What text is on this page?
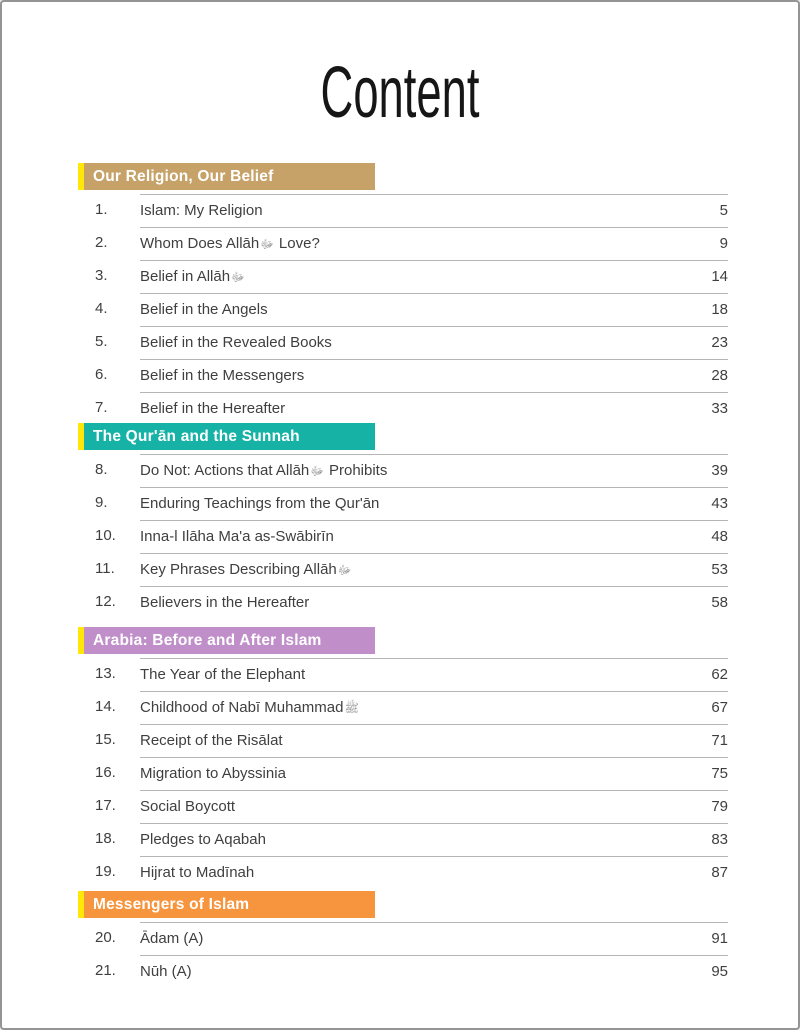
Content
Our Religion, Our Belief
1.	Islam: My Religion	5
2.	Whom Does Allāhﷻ Love?	9
3.	Belief in Allāhﷻ	14
4.	Belief in the Angels	18
5.	Belief in the Revealed Books	23
6.	Belief in the Messengers	28
7.	Belief in the Hereafter	33
The Qur'ān and the Sunnah
8.	Do Not: Actions that Allāhﷻ Prohibits	39
9.	Enduring Teachings from the Qur'ān	43
10.	Inna-l Ilāha Ma'a as-Swābirīn	48
11.	Key Phrases Describing Allāhﷻ	53
12.	Believers in the Hereafter	58
Arabia: Before and After Islam
13.	The Year of the Elephant	62
14.	Childhood of Nabī Muhammadﷺ	67
15.	Receipt of the Risālat	71
16.	Migration to Abyssinia	75
17.	Social Boycott	79
18.	Pledges to Aqabah	83
19.	Hijrat to Madīnah	87
Messengers of Islam
20.	Ādam (A)	91
21.	Nūh (A)	95
